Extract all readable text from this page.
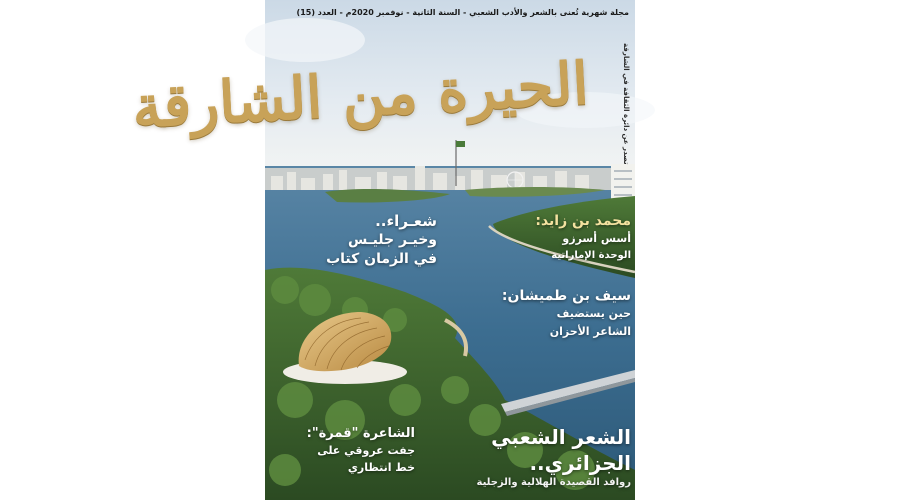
مجلة شهرية تُعنى بالشعر والأدب الشعبي - السنة الثانية - نوفمبر 2020م - العدد (15)
الحيرة من الشارقة	تصدر عن دائرة الثقافة في الشارقة
شعـراء..
وخيـر جليـس
في الزمان كتاب
محمد بن زايد:
أسس أسرزو
الوحدة الإماراتية
سيف بن طميشان:
حين يستضيف
الشاعر الأحزان
الشاعرة "قمرة":
جفت عروقي على
خط انتظاري
الشعر الشعبي
الجزائري..
روافد القصيدة الهلالية والزجلية
